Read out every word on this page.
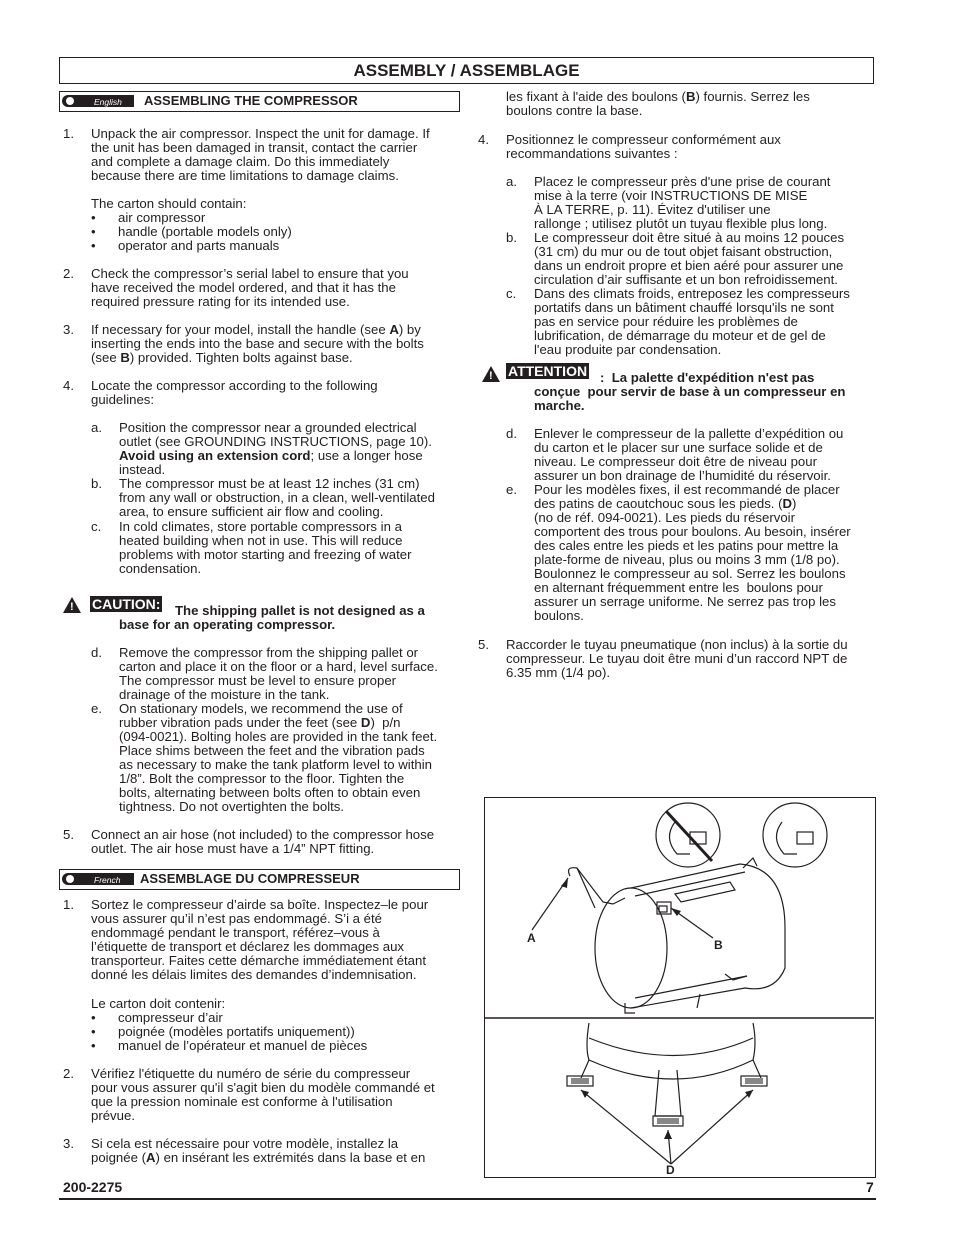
ASSEMBLY / ASSEMBLAGE
English ASSEMBLING THE COMPRESSOR
1. Unpack the air compressor. Inspect the unit for damage. If
the unit has been damaged in transit, contact the carrier
and complete a damage claim. Do this immediately
because there are time limitations to damage claims.

The carton should contain:

• air compressor
• handle (portable models only)
• operator and parts manuals
2. Check the compressor’s serial label to ensure that you
have received the model ordered, and that it has the
required pressure rating for its intended use.

3. If necessary for your model, install the handle (see A) by
inserting the ends into the base and secure with the bolts
(see B) provided. Tighten bolts against base.

4. Locate the compressor according to the following
guidelines:

a. Position the compressor near a grounded electrical
outlet (see GROUNDING INSTRUCTIONS, page 10).
Avoid using an extension cord; use a longer hose
instead.

b. The compressor must be at least 12 inches (31 cm)
from any wall or obstruction, in a clean, well-ventilated
area, to ensure sufficient air flow and cooling.

c. In cold climates, store portable compressors in a
heated building when not in use. This will reduce
problems with motor starting and freezing of water
condensation.

! CAUTION: The shipping pallet is not designed as a

base for an operating compressor.

d. Remove the compressor from the shipping pallet or
carton and place it on the floor or a hard, level surface.
The compressor must be level to ensure proper
drainage of the moisture in the tank.

e. On stationary models, we recommend the use of
rubber vibration pads under the feet (see D)  p/n
(094-0021). Bolting holes are provided in the tank feet.
Place shims between the feet and the vibration pads
as necessary to make the tank platform level to within
1/8”. Bolt the compressor to the floor. Tighten the
bolts, alternating between bolts often to obtain even
tightness. Do not overtighten the bolts.

5. Connect an air hose (not included) to the compressor hose
outlet. The air hose must have a 1/4” NPT fitting.

French ASSEMBLAGE DU COMPRESSEUR
1. Sortez le compresseur d’airde sa boîte. Inspectez–le pour
vous assurer qu’il n’est pas endommagé. S’i a été
endommagé pendant le transport, référez–vous à
l’étiquette de transport et déclarez les dommages aux
transporteur. Faites cette démarche immédiatement étant
donné les délais limites des demandes d’indemnisation.

Le carton doit contenir:

• compresseur d’air
• poignée (modèles portatifs uniquement))
• manuel de l’opérateur et manuel de pièces
2. Vérifiez l'étiquette du numéro de série du compresseur
pour vous assurer qu'il s'agit bien du modèle commandé et
que la pression nominale est conforme à l'utilisation
prévue.

3. Si cela est nécessaire pour votre modèle, installez la
poignée (A) en insérant les extrémités dans la base et en

les fixant à l'aide des boulons (B) fournis. Serrez les
boulons contre la base.

4. Positionnez le compresseur conformément aux
recommandations suivantes :

a. Placez le compresseur près d'une prise de courant
mise à la terre (voir INSTRUCTIONS DE MISE
À LA TERRE, p. 11). Évitez d'utiliser une
rallonge ; utilisez plutôt un tuyau flexible plus long.

b. Le compresseur doit être situé à au moins 12 pouces
(31 cm) du mur ou de tout objet faisant obstruction,
dans un endroit propre et bien aéré pour assurer une
circulation d’air suffisante et un bon refroidissement.

c. Dans des climats froids, entreposez les compresseurs
portatifs dans un bâtiment chauffé lorsqu'ils ne sont
pas en service pour réduire les problèmes de
lubrification, de démarrage du moteur et de gel de
l'eau produite par condensation.

! ATTENTION :  La palette d'expédition n'est pas

conçue  pour servir de base à un compresseur en
marche.

d. Enlever le compresseur de la pallette d’expédition ou
du carton et le placer sur une surface solide et de
niveau. Le compresseur doit être de niveau pour
assurer un bon drainage de l’humidité du réservoir.

e. Pour les modèles fixes, il est recommandé de placer
des patins de caoutchouc sous les pieds. (D)
(no de réf. 094-0021). Les pieds du réservoir
comportent des trous pour boulons. Au besoin, insérer
des cales entre les pieds et les patins pour mettre la
plate-forme de niveau, plus ou moins 3 mm (1/8 po).
Boulonnez le compresseur au sol. Serrez les boulons
en alternant fréquemment entre les  boulons pour
assurer un serrage uniforme. Ne serrez pas trop les
boulons.

5. Raccorder le tuyau pneumatique (non inclus) à la sortie du
compresseur. Le tuyau doit être muni d’un raccord NPT de
6.35 mm (1/4 po).

A	B
D
200-2275	7
